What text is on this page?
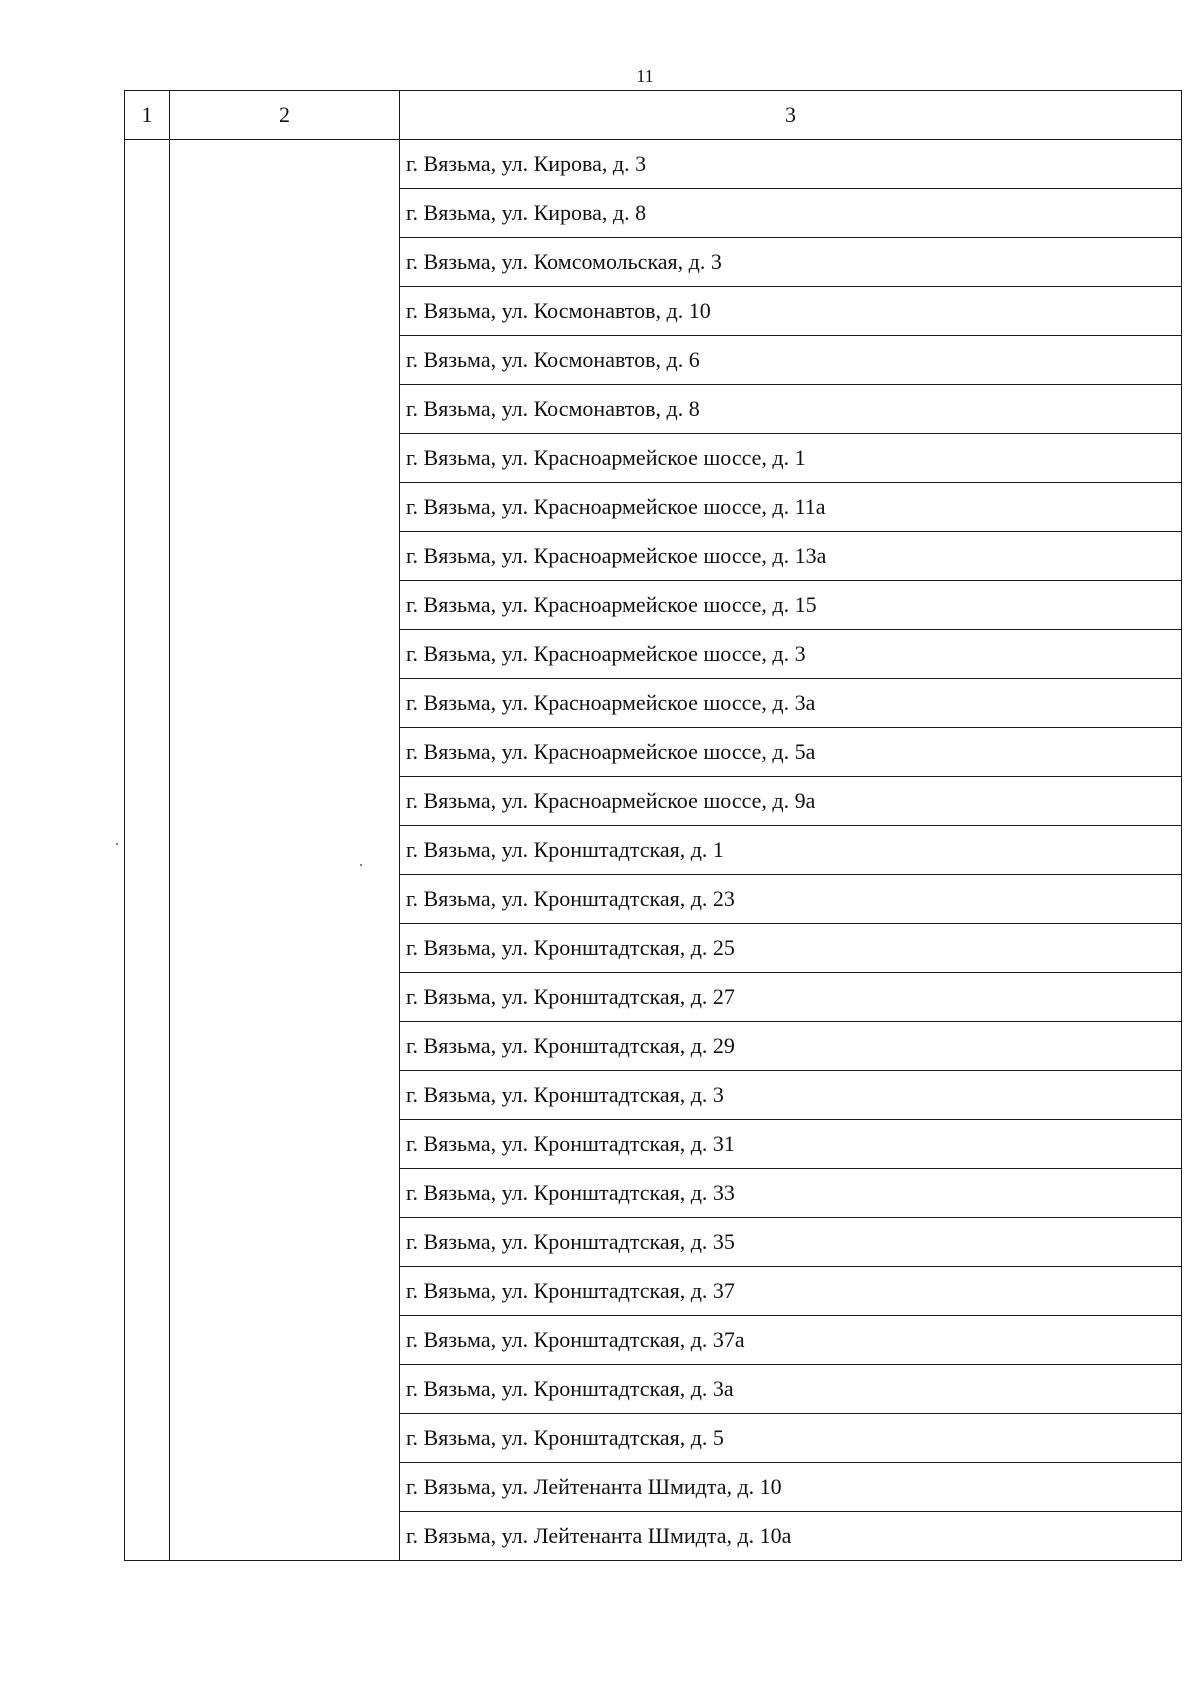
11
1	2	3
		г. Вязьма, ул. Кирова, д. 3
		г. Вязьма, ул. Кирова, д. 8
		г. Вязьма, ул. Комсомольская, д. 3
		г. Вязьма, ул. Космонавтов, д. 10
		г. Вязьма, ул. Космонавтов, д. 6
		г. Вязьма, ул. Космонавтов, д. 8
		г. Вязьма, ул. Красноармейское шоссе, д. 1
		г. Вязьма, ул. Красноармейское шоссе, д. 11а
		г. Вязьма, ул. Красноармейское шоссе, д. 13а
		г. Вязьма, ул. Красноармейское шоссе, д. 15
		г. Вязьма, ул. Красноармейское шоссе, д. 3
		г. Вязьма, ул. Красноармейское шоссе, д. 3а
		г. Вязьма, ул. Красноармейское шоссе, д. 5а
		г. Вязьма, ул. Красноармейское шоссе, д. 9а
		г. Вязьма, ул. Кронштадтская, д. 1
		г. Вязьма, ул. Кронштадтская, д. 23
		г. Вязьма, ул. Кронштадтская, д. 25
		г. Вязьма, ул. Кронштадтская, д. 27
		г. Вязьма, ул. Кронштадтская, д. 29
		г. Вязьма, ул. Кронштадтская, д. 3
		г. Вязьма, ул. Кронштадтская, д. 31
		г. Вязьма, ул. Кронштадтская, д. 33
		г. Вязьма, ул. Кронштадтская, д. 35
		г. Вязьма, ул. Кронштадтская, д. 37
		г. Вязьма, ул. Кронштадтская, д. 37а
		г. Вязьма, ул. Кронштадтская, д. 3а
		г. Вязьма, ул. Кронштадтская, д. 5
		г. Вязьма, ул. Лейтенанта Шмидта, д. 10
		г. Вязьма, ул. Лейтенанта Шмидта, д. 10а
